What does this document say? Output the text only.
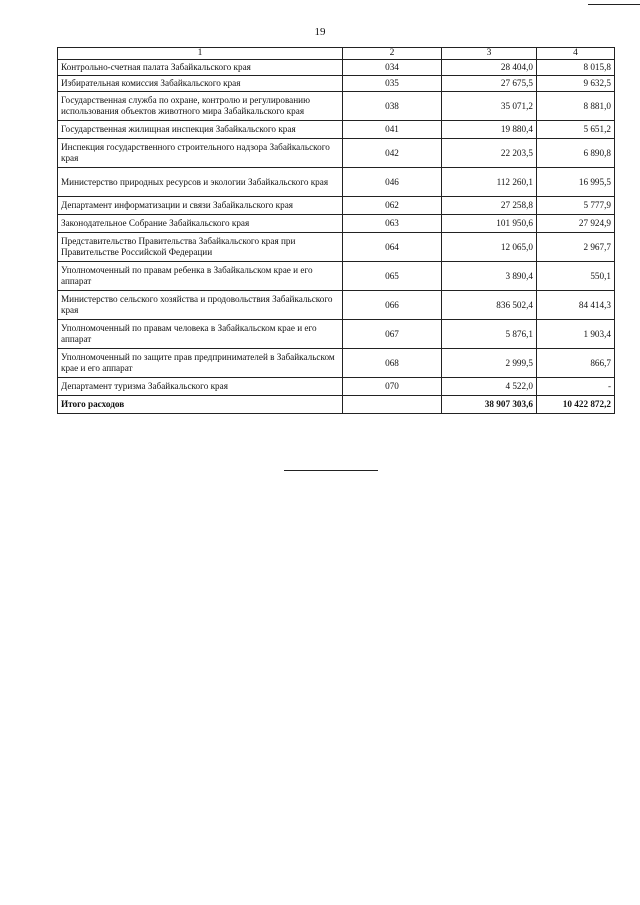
19
1	2	3	4
Контрольно-счетная палата Забайкальского края	034	28 404,0	8 015,8
Избирательная комиссия Забайкальского края	035	27 675,5	9 632,5
Государственная служба по охране, контролю и регулированию использования объектов животного мира Забайкальского края	038	35 071,2	8 881,0
Государственная жилищная инспекция Забайкальского края	041	19 880,4	5 651,2
Инспекция государственного строительного надзора Забайкальского края	042	22 203,5	6 890,8
Министерство природных ресурсов и экологии Забайкальского края	046	112 260,1	16 995,5
Департамент информатизации и связи Забайкальского края	062	27 258,8	5 777,9
Законодательное Собрание Забайкальского края	063	101 950,6	27 924,9
Представительство Правительства Забайкальского края при Правительстве Российской Федерации	064	12 065,0	2 967,7
Уполномоченный по правам ребенка в Забайкальском крае и его аппарат	065	3 890,4	550,1
Министерство сельского хозяйства и продовольствия Забайкальского края	066	836 502,4	84 414,3
Уполномоченный по правам человека в Забайкальском крае и его аппарат	067	5 876,1	1 903,4
Уполномоченный по защите прав предпринимателей в Забайкальском крае и его аппарат	068	2 999,5	866,7
Департамент туризма Забайкальского края	070	4 522,0	-
Итого расходов		38 907 303,6	10 422 872,2
